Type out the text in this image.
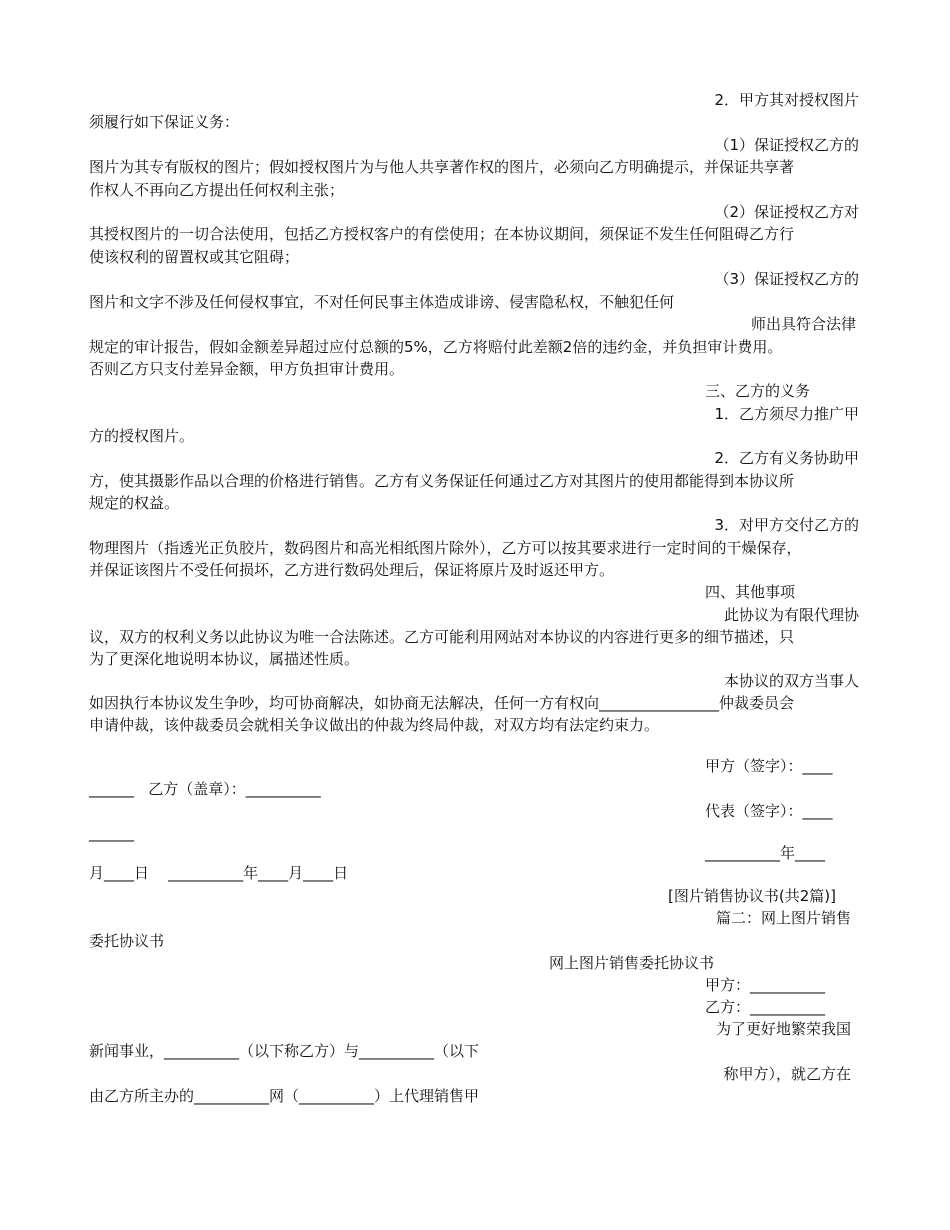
2．甲方其对授权图片
须履行如下保证义务：
（1）保证授权乙方的
图片为其专有版权的图片；假如授权图片为与他人共享著作权的图片，必须向乙方明确提示，并保证共享著
作权人不再向乙方提出任何权利主张；
（2）保证授权乙方对
其授权图片的一切合法使用，包括乙方授权客户的有偿使用；在本协议期间，须保证不发生任何阻碍乙方行
使该权利的留置权或其它阻碍；
（3）保证授权乙方的
图片和文字不涉及任何侵权事宜，不对任何民事主体造成诽谤、侵害隐私权，不触犯任何
师出具符合法律
规定的审计报告，假如金额差异超过应付总额的5%，乙方将赔付此差额2倍的违约金，并负担审计费用。
否则乙方只支付差异金额，甲方负担审计费用。
三、乙方的义务
1．乙方须尽力推广甲
方的授权图片。
2．乙方有义务协助甲
方，使其摄影作品以合理的价格进行销售。乙方有义务保证任何通过乙方对其图片的使用都能得到本协议所
规定的权益。
3．对甲方交付乙方的
物理图片（指透光正负胶片，数码图片和高光相纸图片除外），乙方可以按其要求进行一定时间的干燥保存，
并保证该图片不受任何损坏，乙方进行数码处理后，保证将原片及时返还甲方。
四、其他事项
此协议为有限代理协
议，双方的权利义务以此协议为唯一合法陈述。乙方可能利用网站对本协议的内容进行更多的细节描述，只
为了更深化地说明本协议，属描述性质。
本协议的双方当事人
如因执行本协议发生争吵，均可协商解决，如协商无法解决，任何一方有权向________________仲裁委员会
申请仲裁，该仲裁委员会就相关争议做出的仲裁为终局仲裁，对双方均有法定约束力。
甲方（签字）：____
______   乙方（盖章）：__________
代表（签字）：____
______
__________年____
月____日    __________年____月____日
[图片销售协议书(共2篇)]
篇二：网上图片销售
委托协议书
网上图片销售委托协议书
甲方：__________
乙方：__________
为了更好地繁荣我国
新闻事业，__________（以下称乙方）与__________（以下
称甲方），就乙方在
由乙方所主办的__________网（__________）上代理销售甲
